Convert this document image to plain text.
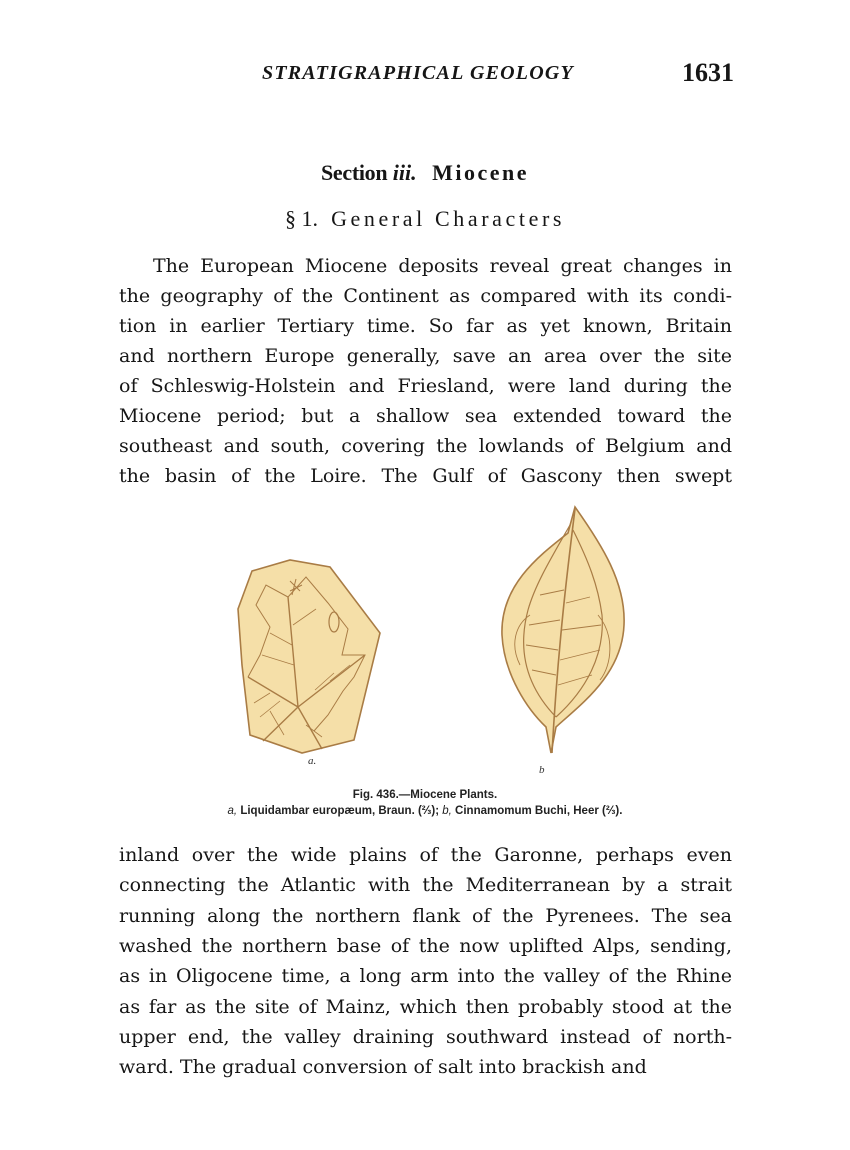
STRATIGRAPHICAL GEOLOGY	1631
Section iii. Miocene
§ 1. General Characters
The European Miocene deposits reveal great changes in
the geography of the Continent as compared with its condi-
tion in earlier Tertiary time. So far as yet known, Britain
and northern Europe generally, save an area over the site
of Schleswig-Holstein and Friesland, were land during the
Miocene period; but a shallow sea extended toward the
southeast and south, covering the lowlands of Belgium and
the basin of the Loire. The Gulf of Gascony then swept
a.
b
Fig. 436.—Miocene Plants.
a, Liquidambar europæum, Braun. (⅔); b, Cinnamomum Buchi, Heer (⅔).
inland over the wide plains of the Garonne, perhaps even
connecting the Atlantic with the Mediterranean by a strait
running along the northern flank of the Pyrenees. The sea
washed the northern base of the now uplifted Alps, sending,
as in Oligocene time, a long arm into the valley of the Rhine
as far as the site of Mainz, which then probably stood at the
upper end, the valley draining southward instead of north-
ward. The gradual conversion of salt into brackish and
